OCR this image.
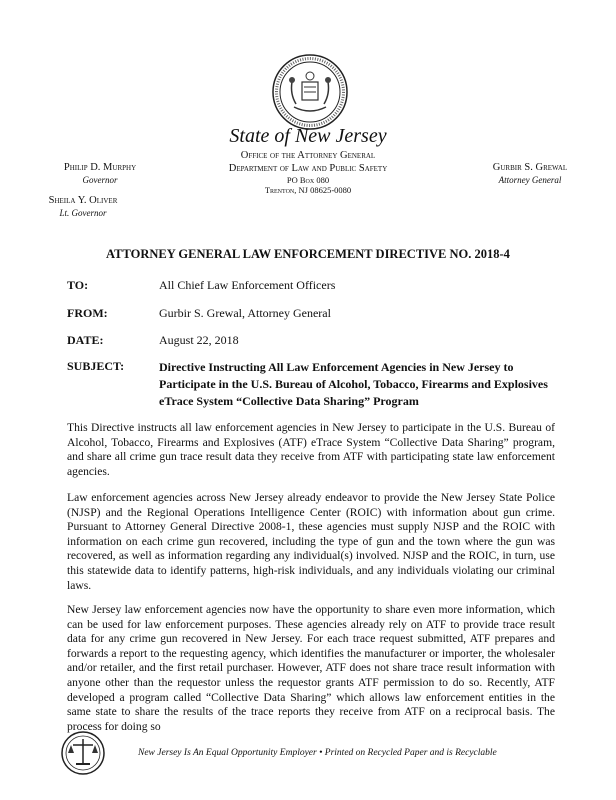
State of New Jersey
Office of the Attorney General
Department of Law and Public Safety
PO Box 080
Trenton, NJ 08625-0080
Philip D. Murphy
Governor
Gurbir S. Grewal
Attorney General
Sheila Y. Oliver
Lt. Governor
ATTORNEY GENERAL LAW ENFORCEMENT DIRECTIVE NO. 2018-4
TO:	All Chief Law Enforcement Officers
FROM:	Gurbir S. Grewal, Attorney General
DATE:	August 22, 2018
SUBJECT:	Directive Instructing All Law Enforcement Agencies in New Jersey to Participate in the U.S. Bureau of Alcohol, Tobacco, Firearms and Explosives eTrace System “Collective Data Sharing” Program
This Directive instructs all law enforcement agencies in New Jersey to participate in the U.S. Bureau of Alcohol, Tobacco, Firearms and Explosives (ATF) eTrace System “Collective Data Sharing” program, and share all crime gun trace result data they receive from ATF with participating state law enforcement agencies.
Law enforcement agencies across New Jersey already endeavor to provide the New Jersey State Police (NJSP) and the Regional Operations Intelligence Center (ROIC) with information about gun crime. Pursuant to Attorney General Directive 2008-1, these agencies must supply NJSP and the ROIC with information on each crime gun recovered, including the type of gun and the town where the gun was recovered, as well as information regarding any individual(s) involved. NJSP and the ROIC, in turn, use this statewide data to identify patterns, high-risk individuals, and any individuals violating our criminal laws.
New Jersey law enforcement agencies now have the opportunity to share even more information, which can be used for law enforcement purposes. These agencies already rely on ATF to provide trace result data for any crime gun recovered in New Jersey. For each trace request submitted, ATF prepares and forwards a report to the requesting agency, which identifies the manufacturer or importer, the wholesaler and/or retailer, and the first retail purchaser. However, ATF does not share trace result information with anyone other than the requestor unless the requestor grants ATF permission to do so. Recently, ATF developed a program called “Collective Data Sharing” which allows law enforcement entities in the same state to share the results of the trace reports they receive from ATF on a reciprocal basis. The process for doing so
New Jersey Is An Equal Opportunity Employer • Printed on Recycled Paper and is Recyclable
